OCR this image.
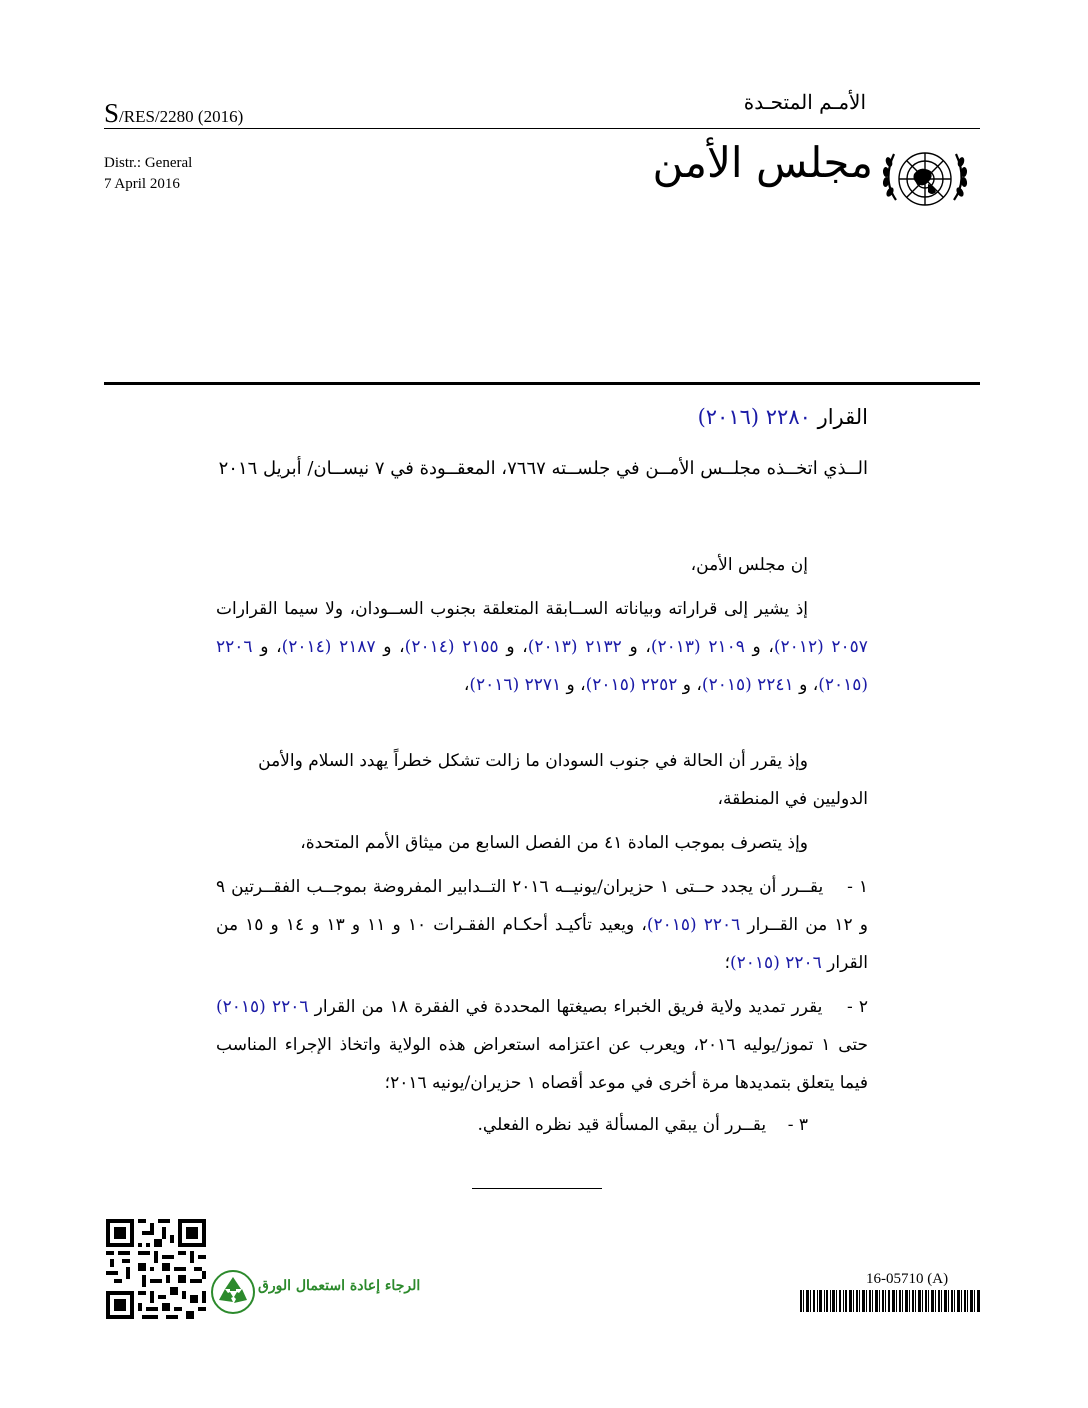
S/RES/2280 (2016)
الأمـم المتحـدة
Distr.: General
7 April 2016	مجلس الأمن
القرار ٢٢٨٠ (٢٠١٦)
الــذي اتخــذه مجلــس الأمــن في جلســته ٧٦٦٧، المعقــودة في ٧ نيســان/ أبريل ٢٠١٦
إن مجلس الأمن،
إذ يشير إلى قراراته وبياناته الســابقة المتعلقة بجنوب الســودان، ولا سيما القرارات ٢٠٥٧ (٢٠١٢)، و ٢١٠٩ (٢٠١٣)، و ٢١٣٢ (٢٠١٣)، و ٢١٥٥ (٢٠١٤)، و ٢١٨٧ (٢٠١٤)، و ٢٢٠٦ (٢٠١٥)، و ٢٢٤١ (٢٠١٥)، و ٢٢٥٢ (٢٠١٥)، و ٢٢٧١ (٢٠١٦)،
وإذ يقرر أن الحالة في جنوب السودان ما زالت تشكل خطراً يهدد السلام والأمن الدوليين في المنطقة،
وإذ يتصرف بموجب المادة ٤١ من الفصل السابع من ميثاق الأمم المتحدة،
١ -    يقــرر أن يجدد حــتى ١ حزيران/يونيــه ٢٠١٦ التــدابير المفروضة بموجــب الفقــرتين ٩ و ١٢ من القــرار ٢٢٠٦ (٢٠١٥)، ويعيد تأكيـد أحكـام الفقـرات ١٠ و ١١ و ١٣ و ١٤ و ١٥ من القرار ٢٢٠٦ (٢٠١٥)؛
٢ -    يقرر تمديد ولاية فريق الخبراء بصيغتها المحددة في الفقرة ١٨ من القرار ٢٢٠٦ (٢٠١٥) حتى ١ تموز/يوليه ٢٠١٦، ويعرب عن اعتزامه استعراض هذه الولاية واتخاذ الإجراء المناسب فيما يتعلق بتمديدها مرة أخرى في موعد أقصاه ١ حزيران/يونيه ٢٠١٦؛
٣ -    يقــرر أن يبقي المسألة قيد نظره الفعلي.
الرجاء إعادة استعمال الورق	16-05710 (A)
